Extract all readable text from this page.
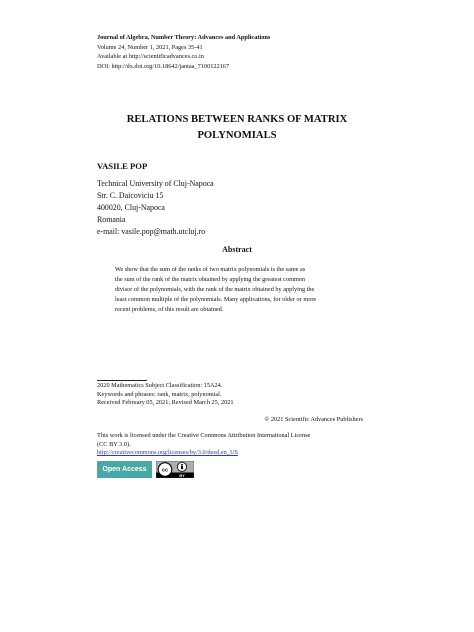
Journal of Algebra, Number Theory: Advances and Applications
Volume 24, Number 1, 2021, Pages 35-41
Available at http://scientificadvances.co.in
DOI: http://dx.doi.org/10.18642/jantaa_7100122167
RELATIONS BETWEEN RANKS OF MATRIX
POLYNOMIALS
VASILE POP
Technical University of Cluj-Napoca
Str. C. Daicoviciu 15
400020, Cluj-Napoca
Romania
e-mail: vasile.pop@math.utcluj.ro
Abstract
We show that the sum of the ranks of two matrix polynomials is the same as
the sum of the rank of the matrix obtained by applying the greatest common
divisor of the polynomials, with the rank of the matrix obtained by applying the
least common multiple of the polynomials. Many applications, for older or more
recent problems, of this result are obtained.
2020 Mathematics Subject Classification: 15A24.
Keywords and phrases: rank, matrix, polynomial.
Received February 05, 2021; Revised March 25, 2021
© 2021 Scientific Advances Publishers
This work is licensed under the Creative Commons Attribution International License
(CC BY 3.0).
http://creativecommons.org/licenses/by/3.0/deed.en_US
Open Access	cc
BY
